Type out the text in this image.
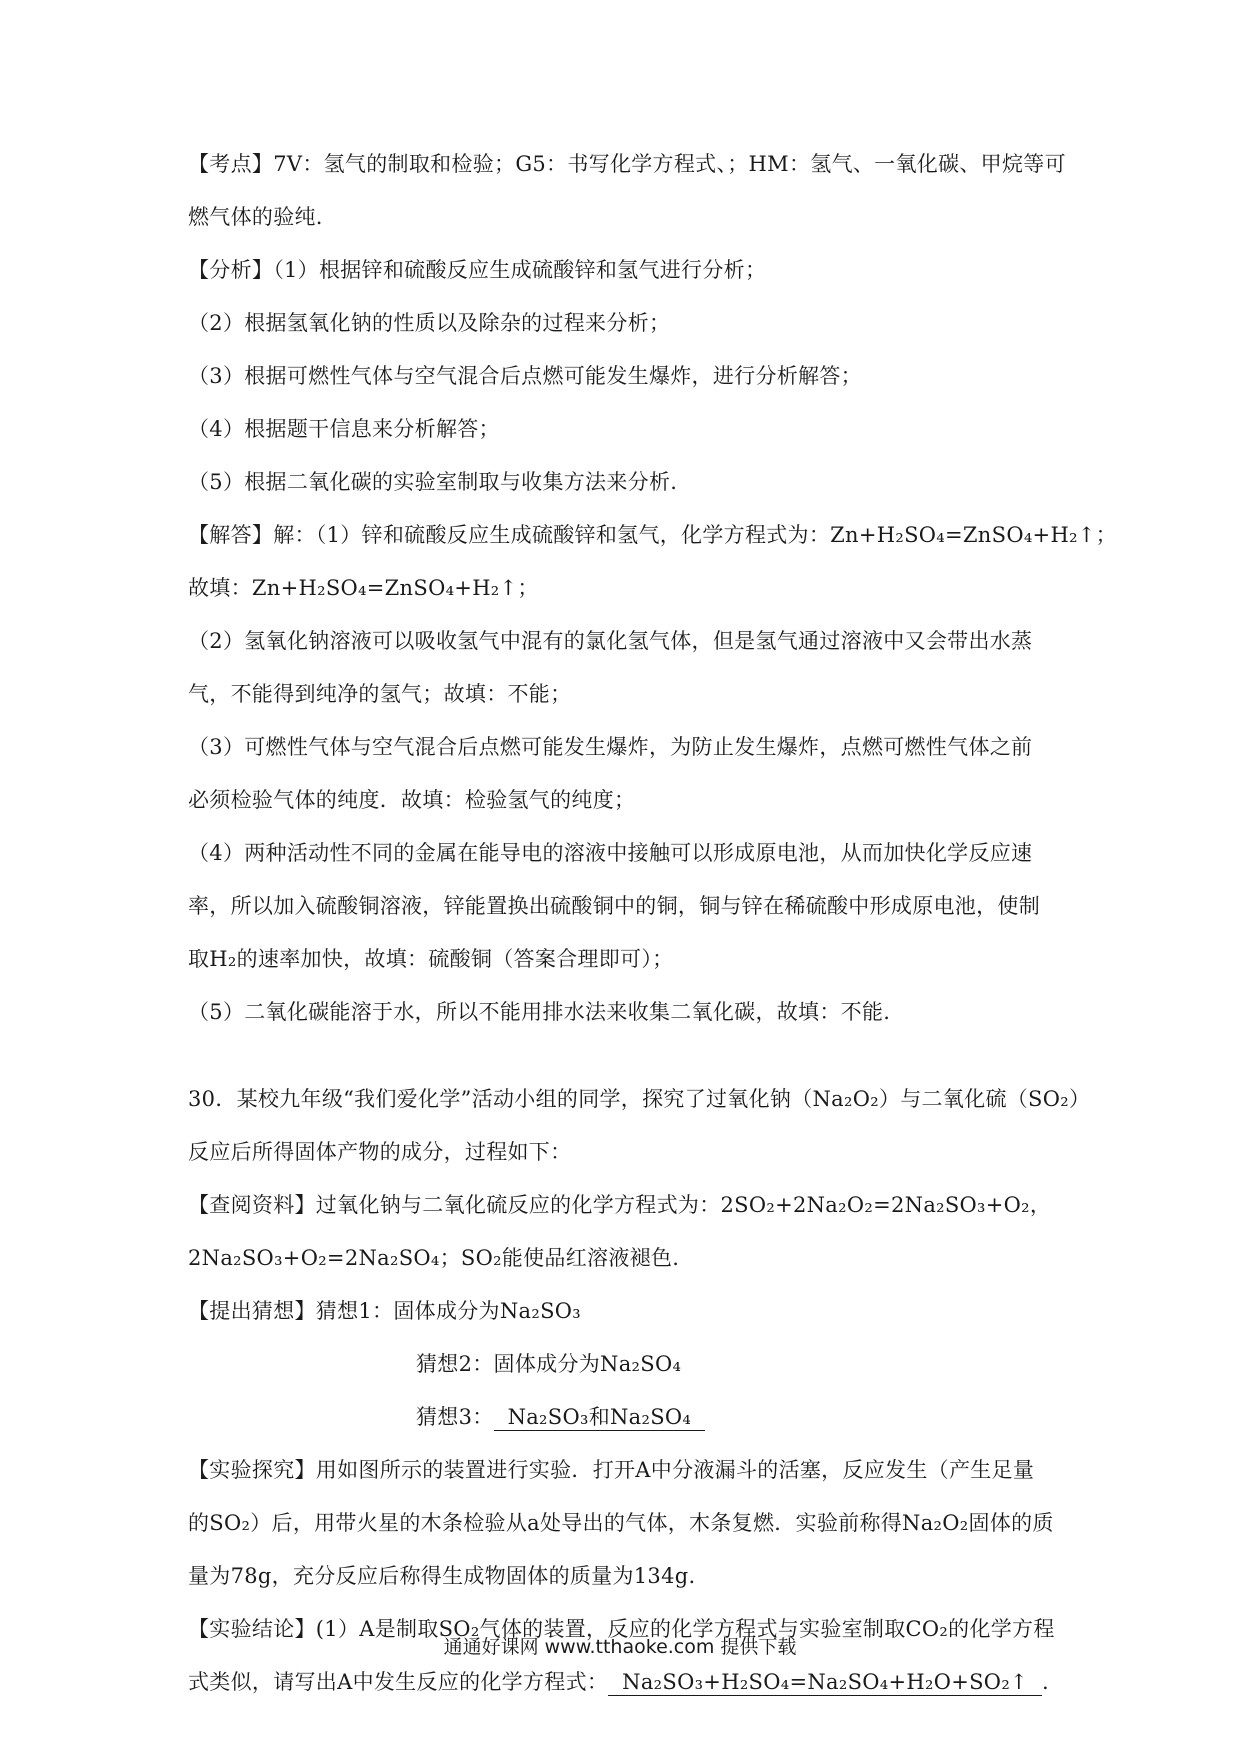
【考点】7V：氢气的制取和检验；G5：书写化学方程式、；HM：氢气、一氧化碳、甲烷等可
燃气体的验纯.
【分析】（1）根据锌和硫酸反应生成硫酸锌和氢气进行分析；
（2）根据氢氧化钠的性质以及除杂的过程来分析；
（3）根据可燃性气体与空气混合后点燃可能发生爆炸，进行分析解答；
（4）根据题干信息来分析解答；
（5）根据二氧化碳的实验室制取与收集方法来分析.
【解答】解：（1）锌和硫酸反应生成硫酸锌和氢气，化学方程式为：Zn+H₂SO₄=ZnSO₄+H₂↑；
故填：Zn+H₂SO₄=ZnSO₄+H₂↑；
（2）氢氧化钠溶液可以吸收氢气中混有的氯化氢气体，但是氢气通过溶液中又会带出水蒸
气，不能得到纯净的氢气；故填：不能；
（3）可燃性气体与空气混合后点燃可能发生爆炸，为防止发生爆炸，点燃可燃性气体之前
必须检验气体的纯度．故填：检验氢气的纯度；
（4）两种活动性不同的金属在能导电的溶液中接触可以形成原电池，从而加快化学反应速
率，所以加入硫酸铜溶液，锌能置换出硫酸铜中的铜，铜与锌在稀硫酸中形成原电池，使制
取H₂的速率加快，故填：硫酸铜（答案合理即可）；
（5）二氧化碳能溶于水，所以不能用排水法来收集二氧化碳，故填：不能.
30．某校九年级“我们爱化学”活动小组的同学，探究了过氧化钠（Na₂O₂）与二氧化硫（SO₂）
反应后所得固体产物的成分，过程如下：
【查阅资料】过氧化钠与二氧化硫反应的化学方程式为：2SO₂+2Na₂O₂=2Na₂SO₃+O₂，
2Na₂SO₃+O₂=2Na₂SO₄；SO₂能使品红溶液褪色.
【提出猜想】猜想1：固体成分为Na₂SO₃
猜想2：固体成分为Na₂SO₄
猜想3： Na₂SO₃和Na₂SO₄
【实验探究】用如图所示的装置进行实验．打开A中分液漏斗的活塞，反应发生（产生足量
的SO₂）后，用带火星的木条检验从a处导出的气体，木条复燃．实验前称得Na₂O₂固体的质
量为78g，充分反应后称得生成物固体的质量为134g.
【实验结论】(1）A是制取SO₂气体的装置，反应的化学方程式与实验室制取CO₂的化学方程
式类似，请写出A中发生反应的化学方程式： Na₂SO₃+H₂SO₄=Na₂SO₄+H₂O+SO₂↑ .
通通好课网 www.tthaoke.com 提供下载
